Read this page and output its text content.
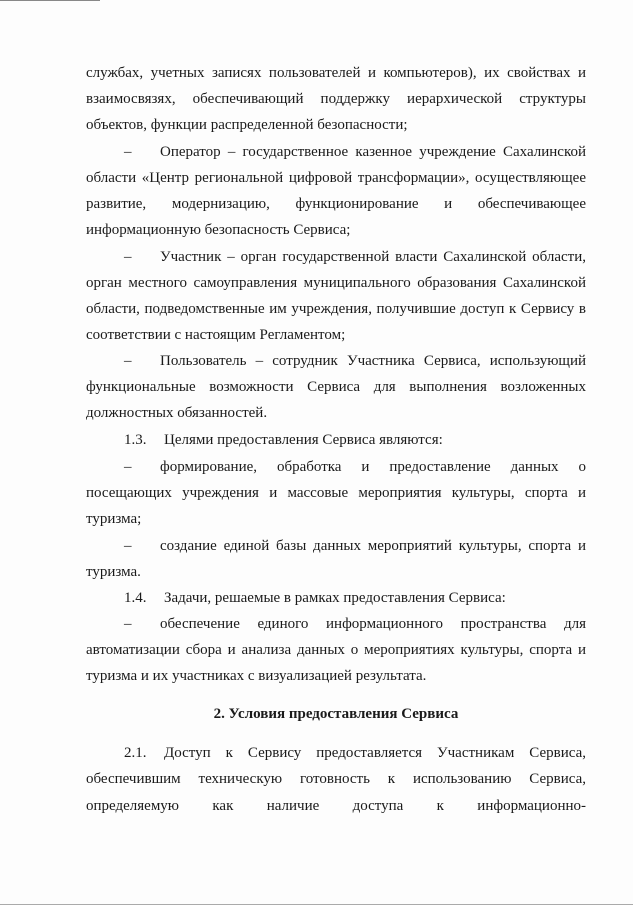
службах, учетных записях пользователей и компьютеров), их свойствах и
взаимосвязях, обеспечивающий поддержку иерархической структуры
объектов, функции распределенной безопасности;
– Оператор – государственное казенное учреждение Сахалинской
области «Центр региональной цифровой трансформации», осуществляющее
развитие, модернизацию, функционирование и обеспечивающее
информационную безопасность Сервиса;
– Участник – орган государственной власти Сахалинской области,
орган местного самоуправления муниципального образования Сахалинской
области, подведомственные им учреждения, получившие доступ к Сервису в
соответствии с настоящим Регламентом;
– Пользователь – сотрудник Участника Сервиса, использующий
функциональные возможности Сервиса для выполнения возложенных
должностных обязанностей.
1.3. Целями предоставления Сервиса являются:
– формирование, обработка и предоставление данных о
посещающих учреждения и массовые мероприятия культуры, спорта и
туризма;
– создание единой базы данных мероприятий культуры, спорта и
туризма.
1.4. Задачи, решаемые в рамках предоставления Сервиса:
– обеспечение единого информационного пространства для
автоматизации сбора и анализа данных о мероприятиях культуры, спорта и
туризма и их участниках с визуализацией результата.
2. Условия предоставления Сервиса
2.1. Доступ к Сервису предоставляется Участникам Сервиса,
обеспечившим техническую готовность к использованию Сервиса,
определяемую как наличие доступа к информационно-
